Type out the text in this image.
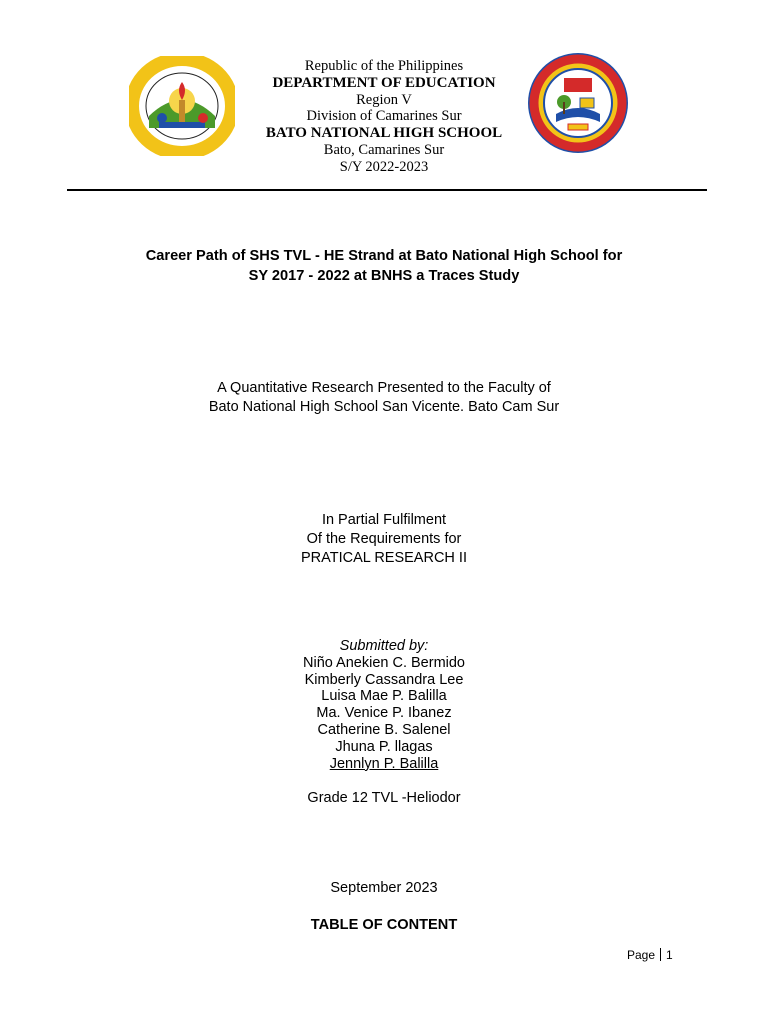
Republic of the Philippines
DEPARTMENT OF EDUCATION
Region V
Division of Camarines Sur
BATO NATIONAL HIGH SCHOOL
Bato, Camarines Sur
S/Y 2022-2023
Career Path of SHS TVL - HE Strand at Bato National High School for
SY 2017 - 2022 at BNHS a Traces Study
A Quantitative Research Presented to the Faculty of
Bato National High School San Vicente. Bato Cam Sur
In Partial Fulfilment
Of the Requirements for
PRATICAL RESEARCH II
Submitted by:
Niño Anekien C. Bermido
Kimberly Cassandra Lee
Luisa Mae P. Balilla
Ma. Venice P. Ibanez
Catherine B. Salenel
Jhuna P. llagas
Jennlyn P. Balilla
Grade 12 TVL -Heliodor
September 2023
TABLE OF CONTENT
Page 1
